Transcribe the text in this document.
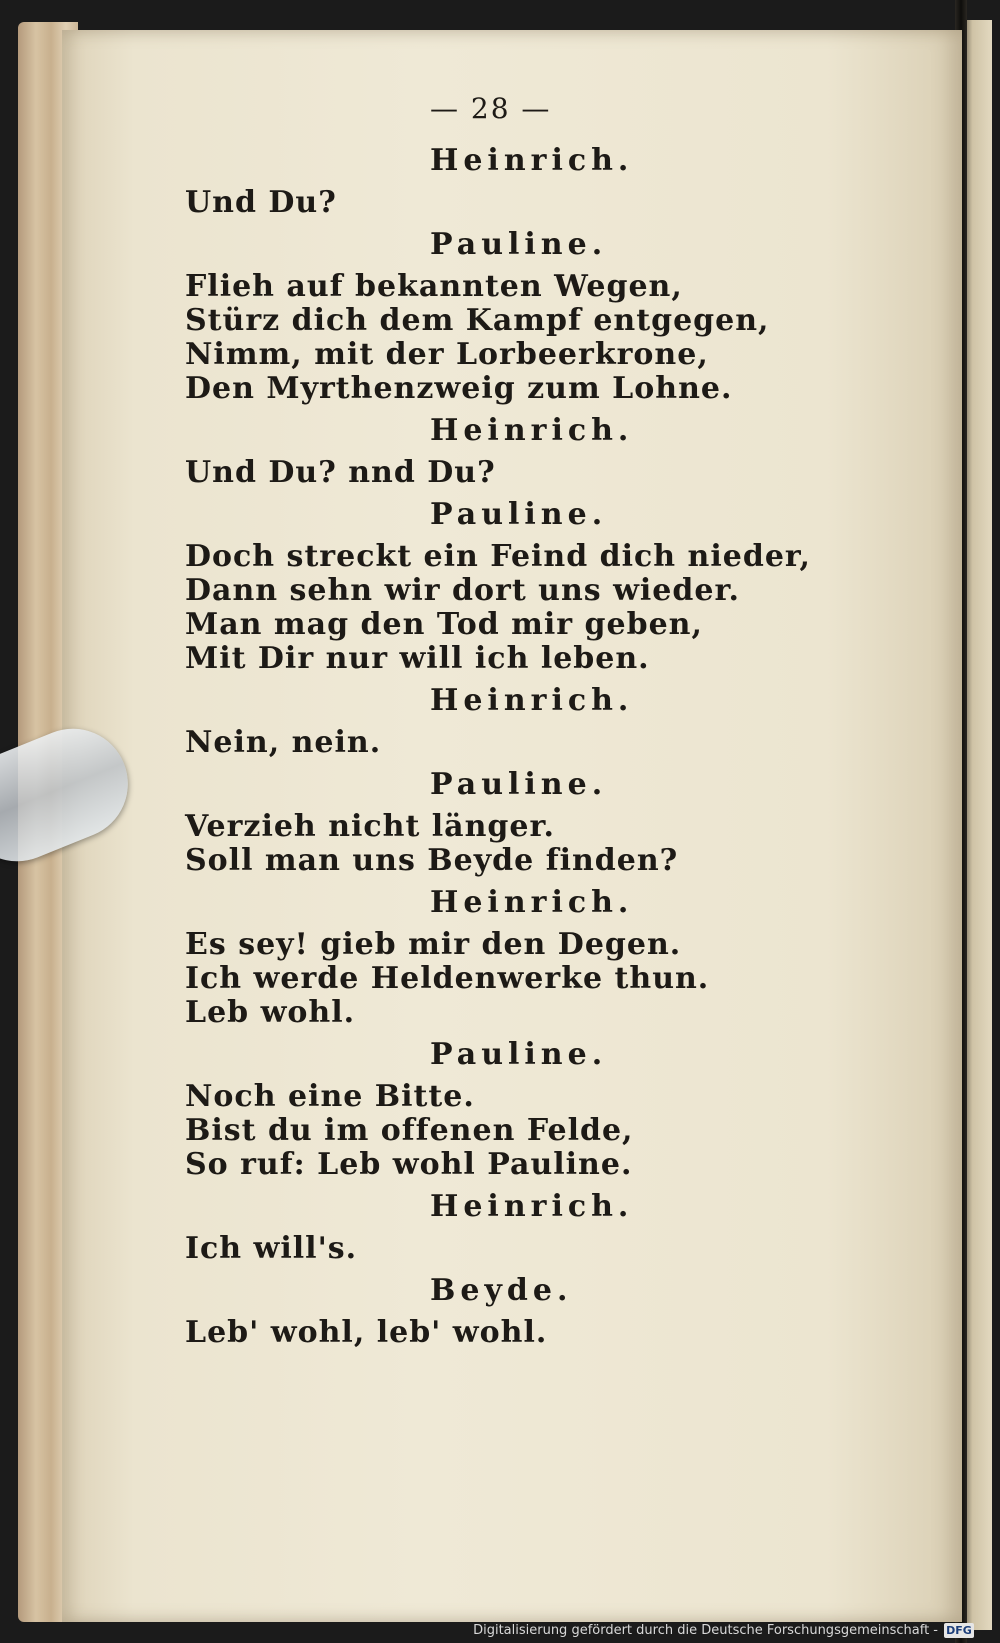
— 28 —
Heinrich.
Und Du?
Pauline.
Flieh auf bekannten Wegen,
Stürz dich dem Kampf entgegen,
Nimm, mit der Lorbeerkrone,
Den Myrthenzweig zum Lohne.
Heinrich.
Und Du? nnd Du?
Pauline.
Doch streckt ein Feind dich nieder,
Dann sehn wir dort uns wieder.
Man mag den Tod mir geben,
Mit Dir nur will ich leben.
Heinrich.
Nein, nein.
Pauline.
Verzieh nicht länger.
Soll man uns Beyde finden?
Heinrich.
Es sey! gieb mir den Degen.
Ich werde Heldenwerke thun.
Leb wohl.
Pauline.
Noch eine Bitte.
Bist du im offenen Felde,
So ruf: Leb wohl Pauline.
Heinrich.
Ich will's.
Beyde.
Leb' wohl, leb' wohl.
Digitalisierung gefördert durch die Deutsche Forschungsgemeinschaft - DFG
